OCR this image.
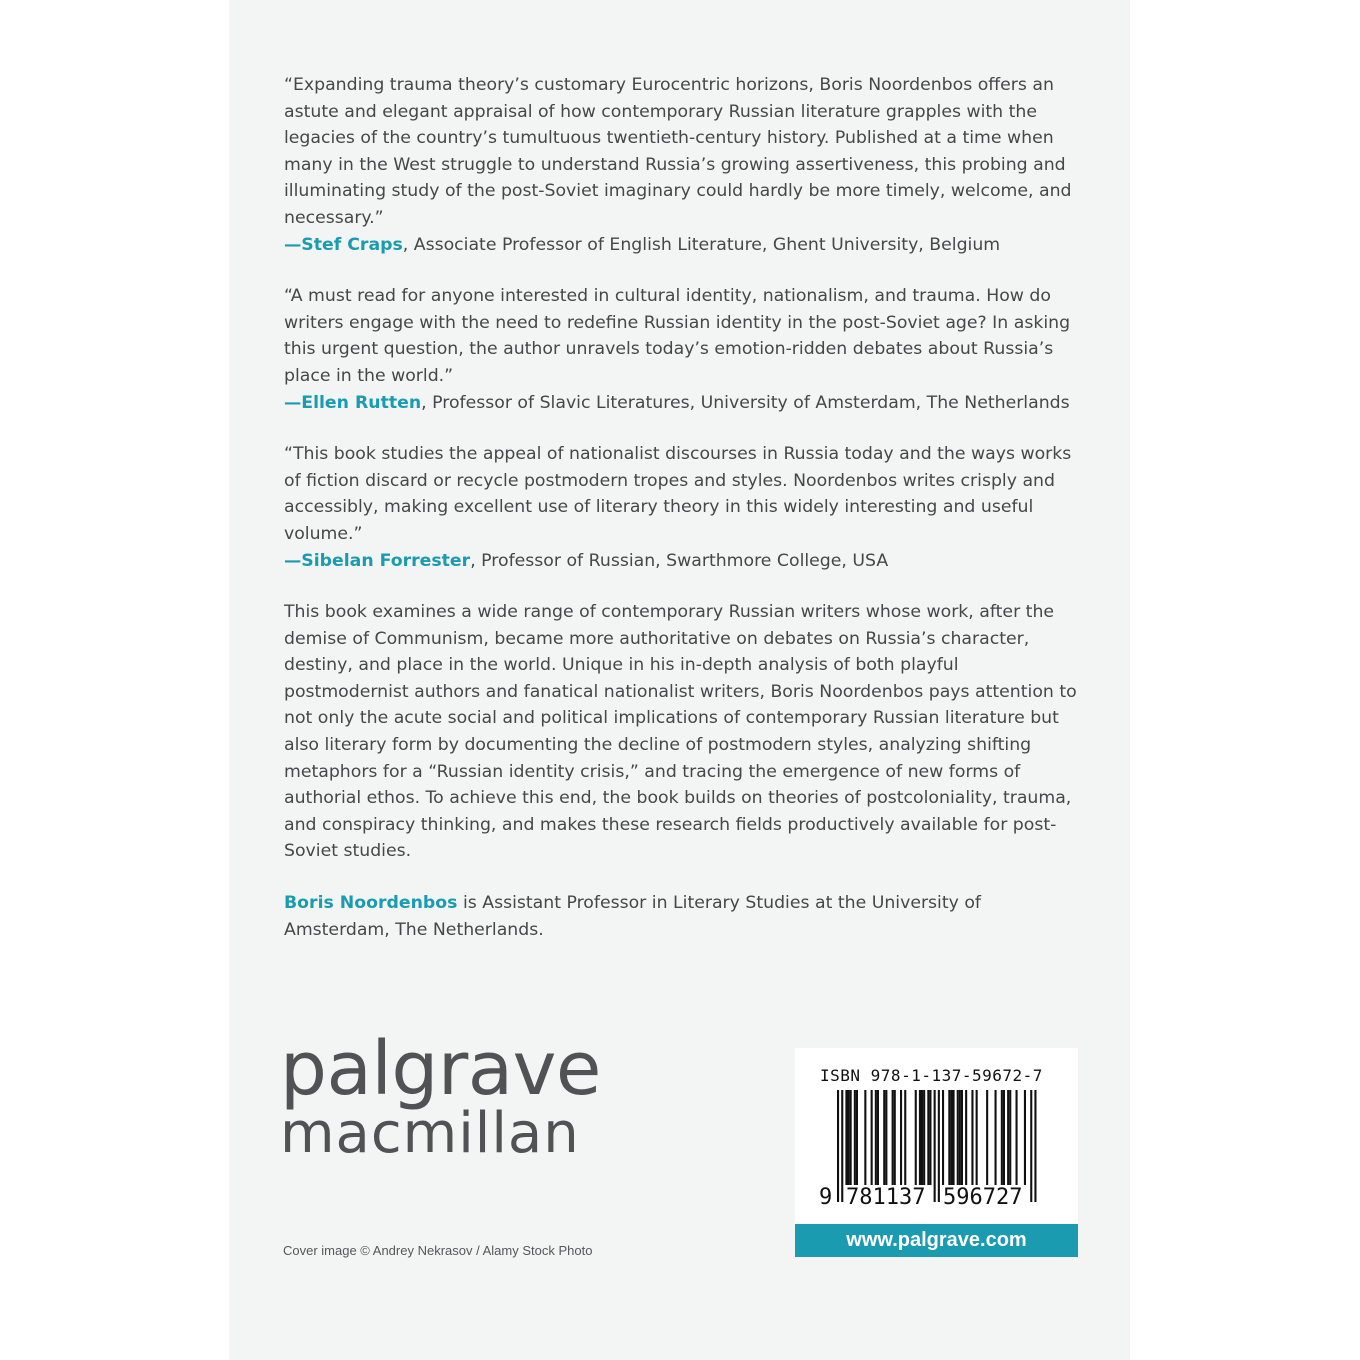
“Expanding trauma theory’s customary Eurocentric horizons, Boris Noordenbos offers an astute and elegant appraisal of how contemporary Russian literature grapples with the legacies of the country’s tumultuous twentieth-century history. Published at a time when many in the West struggle to understand Russia’s growing assertiveness, this probing and illuminating study of the post-Soviet imaginary could hardly be more timely, welcome, and necessary.”
—Stef Craps, Associate Professor of English Literature, Ghent University, Belgium

“A must read for anyone interested in cultural identity, nationalism, and trauma. How do writers engage with the need to redefine Russian identity in the post-Soviet age? In asking this urgent question, the author unravels today’s emotion-ridden debates about Russia’s place in the world.”
—Ellen Rutten, Professor of Slavic Literatures, University of Amsterdam, The Netherlands

“This book studies the appeal of nationalist discourses in Russia today and the ways works of fiction discard or recycle postmodern tropes and styles. Noordenbos writes crisply and accessibly, making excellent use of literary theory in this widely interesting and useful volume.”
—Sibelan Forrester, Professor of Russian, Swarthmore College, USA

This book examines a wide range of contemporary Russian writers whose work, after the demise of Communism, became more authoritative on debates on Russia’s character, destiny, and place in the world. Unique in his in-depth analysis of both playful postmodernist authors and fanatical nationalist writers, Boris Noordenbos pays attention to not only the acute social and political implications of contemporary Russian literature but also literary form by documenting the decline of postmodern styles, analyzing shifting metaphors for a “Russian identity crisis,” and tracing the emergence of new forms of authorial ethos. To achieve this end, the book builds on theories of postcoloniality, trauma, and conspiracy thinking, and makes these research fields productively available for post-Soviet studies.

Boris Noordenbos is Assistant Professor in Literary Studies at the University of Amsterdam, The Netherlands.

palgrave
macmillan
Cover image © Andrey Nekrasov / Alamy Stock Photo
ISBN 978-1-137-59672-7
9 781137 596727
www.palgrave.com
